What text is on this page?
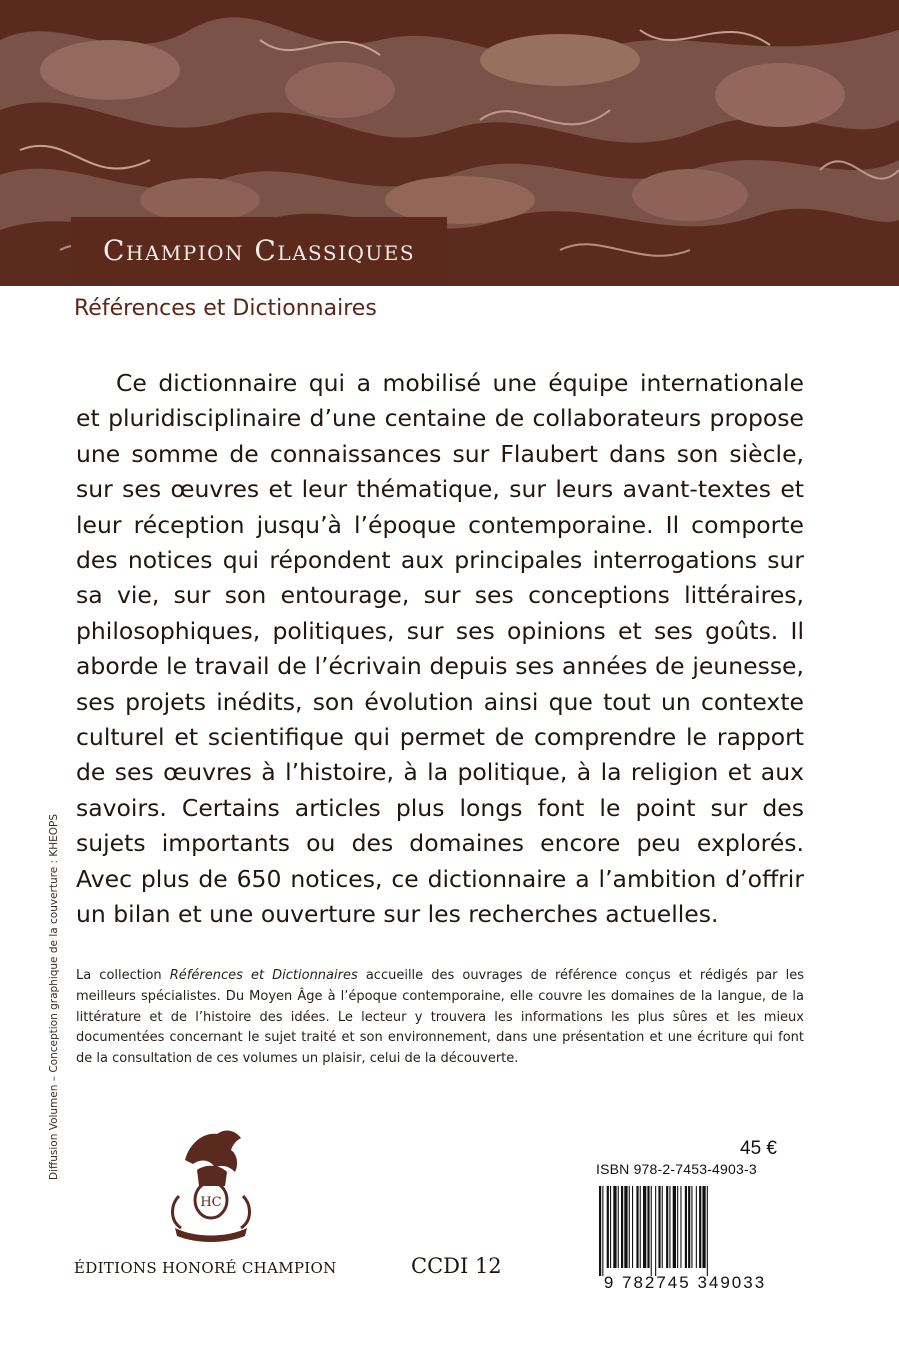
Champion Classiques
Références et Dictionnaires

Ce dictionnaire qui a mobilisé une équipe internationale et pluridisciplinaire d’une centaine de collaborateurs propose une somme de connaissances sur Flaubert dans son siècle, sur ses œuvres et leur thématique, sur leurs avant-textes et leur réception jusqu’à l’époque contemporaine. Il comporte des notices qui répondent aux principales interrogations sur sa vie, sur son entourage, sur ses conceptions littéraires, philosophiques, politiques, sur ses opinions et ses goûts. Il aborde le travail de l’écrivain depuis ses années de jeunesse, ses projets inédits, son évolution ainsi que tout un contexte culturel et scientifique qui permet de comprendre le rapport de ses œuvres à l’histoire, à la politique, à la religion et aux savoirs. Certains articles plus longs font le point sur des sujets importants ou des domaines encore peu explorés. Avec plus de 650 notices, ce dictionnaire a l’ambition d’offrir un bilan et une ouverture sur les recherches actuelles.

La collection Références et Dictionnaires accueille des ouvrages de référence conçus et rédigés par les meilleurs spécialistes. Du Moyen Âge à l’époque contemporaine, elle couvre les domaines de la langue, de la littérature et de l’histoire des idées. Le lecteur y trouvera les informations les plus sûres et les mieux documentées concernant le sujet traité et son environnement, dans une présentation et une écriture qui font de la consultation de ces volumes un plaisir, celui de la découverte.

Diffusion Volumen – Conception graphique de la couverture : KHEOPS
HC
ÉDITIONS HONORÉ CHAMPION	CCDI 12
45 €
ISBN 978-2-7453-4903-3
9 782745 349033
